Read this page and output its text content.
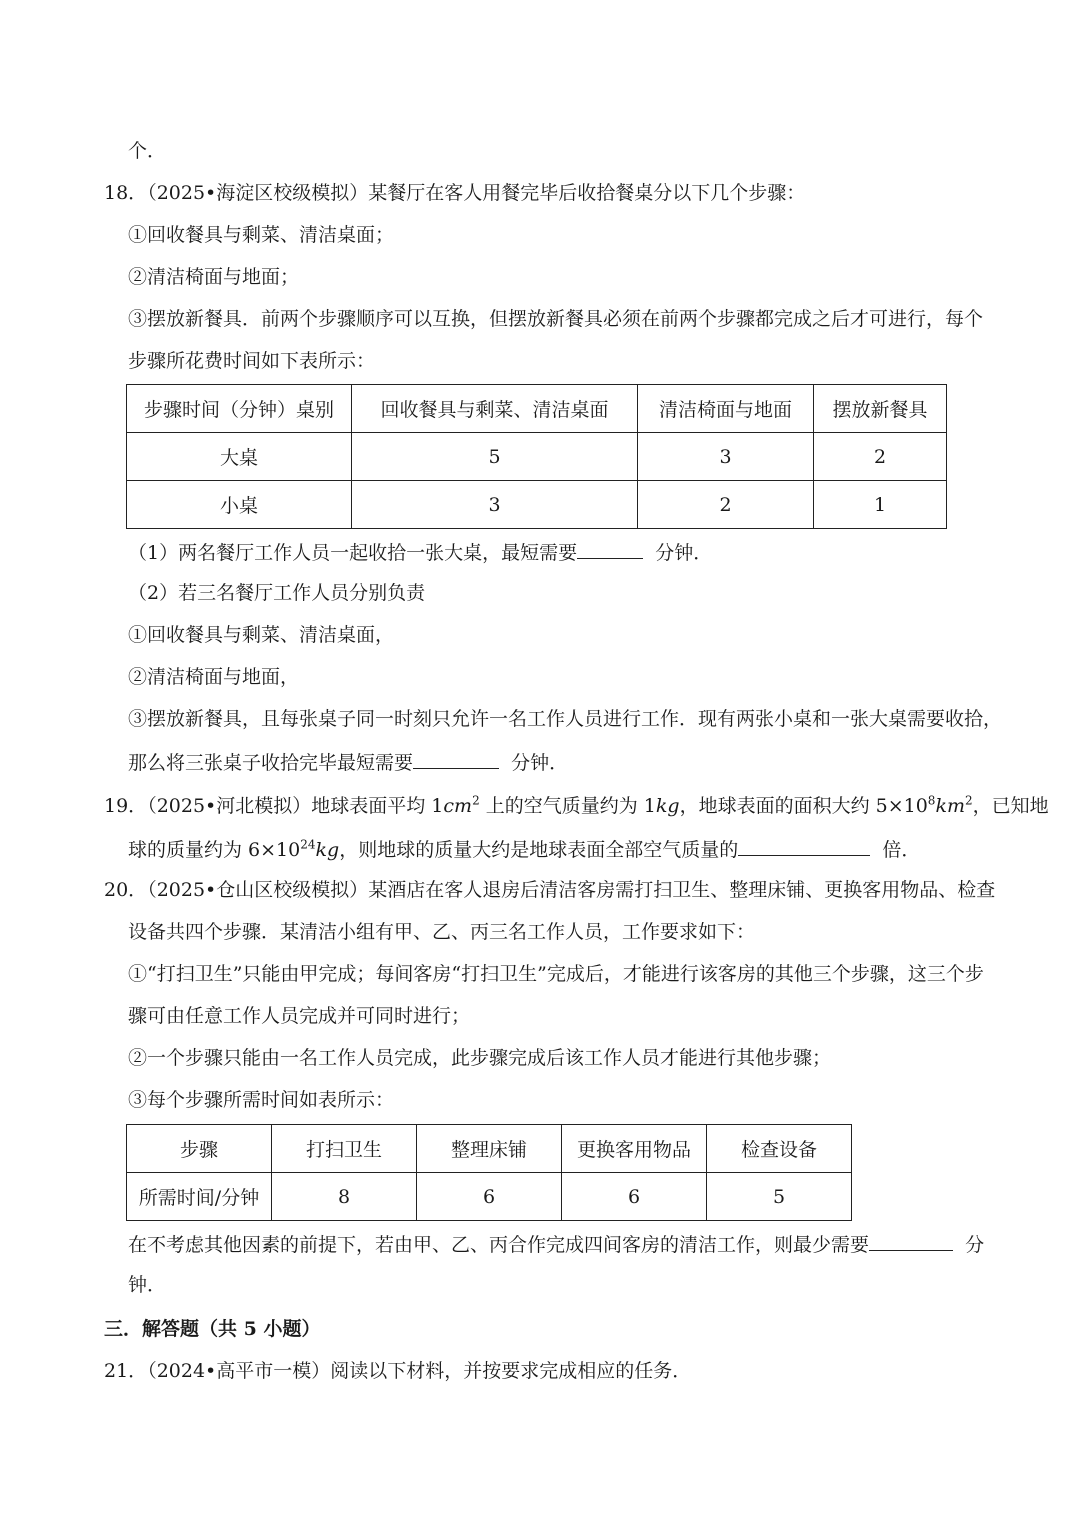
个．
18．（2025•海淀区校级模拟）某餐厅在客人用餐完毕后收拾餐桌分以下几个步骤：
①回收餐具与剩菜、清洁桌面；
②清洁椅面与地面；
③摆放新餐具．前两个步骤顺序可以互换，但摆放新餐具必须在前两个步骤都完成之后才可进行，每个
步骤所花费时间如下表所示：
步骤时间（分钟）桌别	回收餐具与剩菜、清洁桌面	清洁椅面与地面	摆放新餐具
大桌	5	3	2
小桌	3	2	1
（1）两名餐厅工作人员一起收拾一张大桌，最短需要	分钟．
（2）若三名餐厅工作人员分别负责
①回收餐具与剩菜、清洁桌面，
②清洁椅面与地面，
③摆放新餐具，且每张桌子同一时刻只允许一名工作人员进行工作．现有两张小桌和一张大桌需要收拾，
那么将三张桌子收拾完毕最短需要	分钟．
19．（2025•河北模拟）地球表面平均 $1cm^2$ 上的空气质量约为 1kg，地球表面的面积大约 $5\times 10^8km^2$，已知地
球的质量约为 $6\times 10^{24}kg$，则地球的质量大约是地球表面全部空气质量的	倍．
20．（2025•仓山区校级模拟）某酒店在客人退房后清洁客房需打扫卫生、整理床铺、更换客用物品、检查
设备共四个步骤．某清洁小组有甲、乙、丙三名工作人员，工作要求如下：
①“打扫卫生”只能由甲完成；每间客房“打扫卫生”完成后，才能进行该客房的其他三个步骤，这三个步
骤可由任意工作人员完成并可同时进行；
②一个步骤只能由一名工作人员完成，此步骤完成后该工作人员才能进行其他步骤；
③每个步骤所需时间如表所示：
步骤	打扫卫生	整理床铺	更换客用物品	检查设备
所需时间/分钟	8	6	6	5
在不考虑其他因素的前提下，若由甲、乙、丙合作完成四间客房的清洁工作，则最少需要	分
钟．
三．解答题（共 5 小题）
21．（2024•高平市一模）阅读以下材料，并按要求完成相应的任务．
